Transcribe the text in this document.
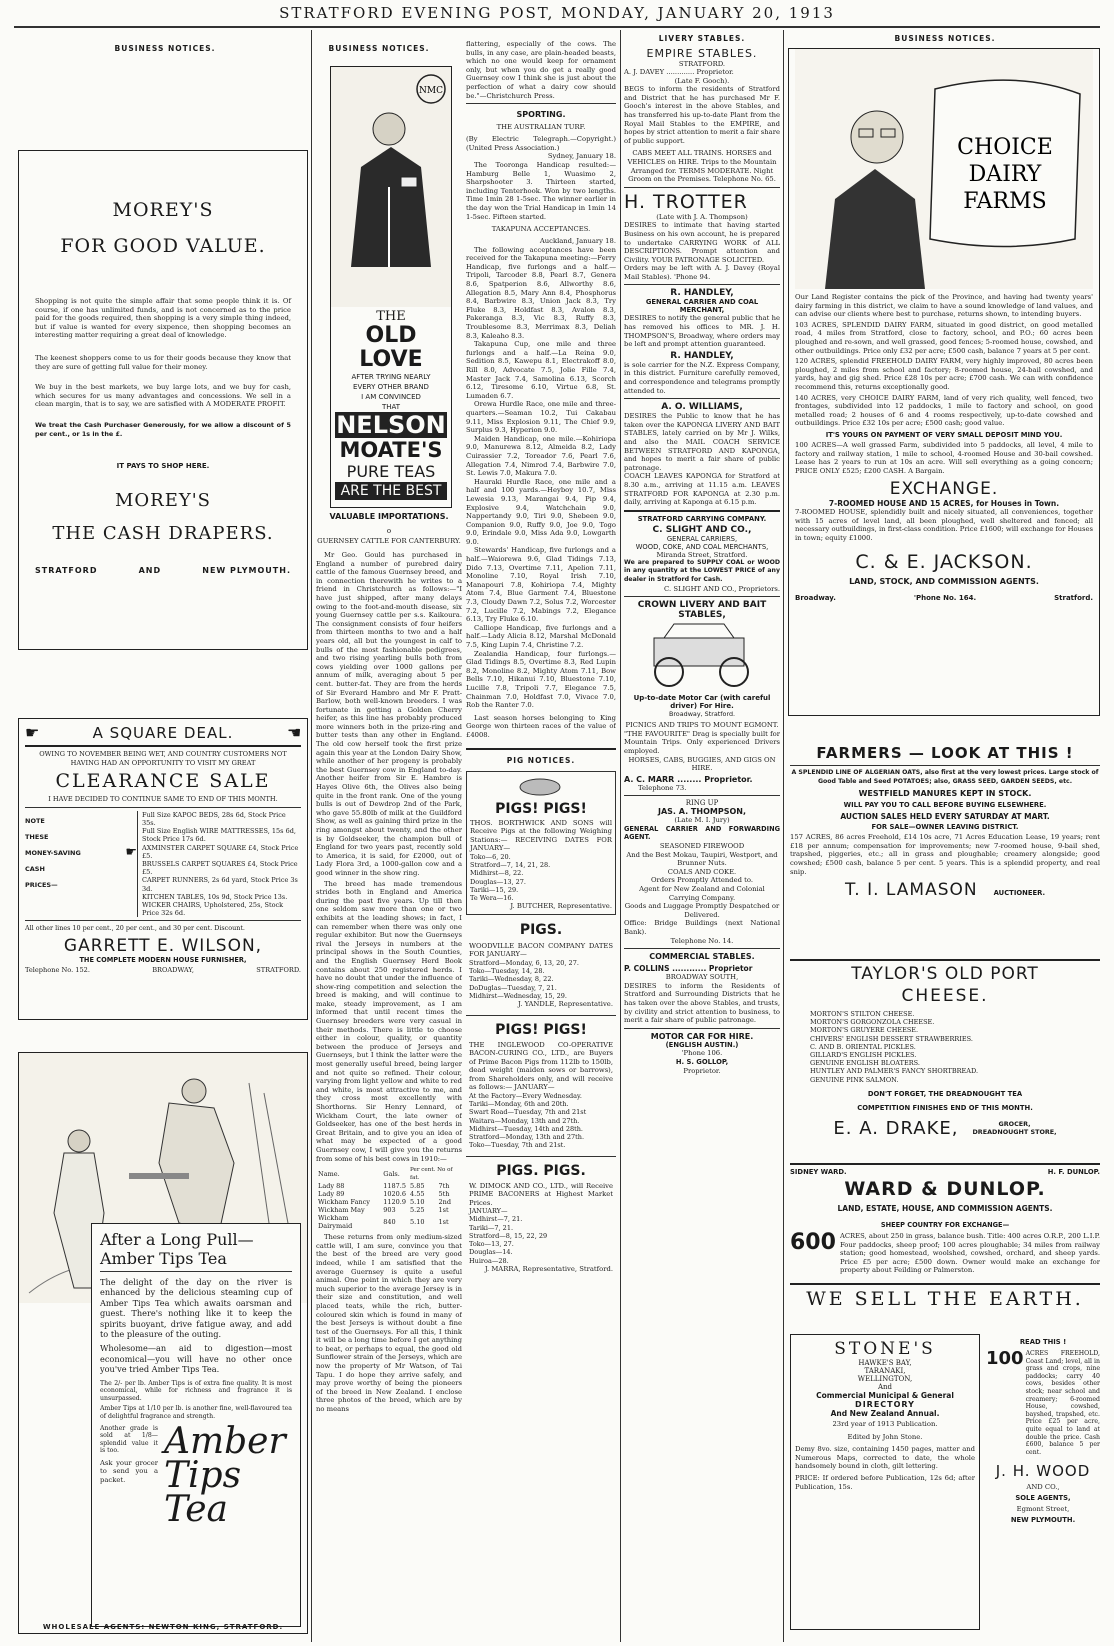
STRATFORD EVENING POST, MONDAY, JANUARY 20, 1913
BUSINESS NOTICES.
MOREY'S
FOR GOOD VALUE.
Shopping is not quite the simple affair that some people think it is. Of course, if one has unlimited funds, and is not concerned as to the price paid for the goods required, then shopping is a very simple thing indeed, but if value is wanted for every sixpence, then shopping becomes an interesting matter requiring a great deal of knowledge.
The keenest shoppers come to us for their goods because they know that they are sure of getting full value for their money.
We buy in the best markets, we buy large lots, and we buy for cash, which secures for us many advantages and concessions. We sell in a clean margin, that is to say, we are satisfied with A MODERATE PROFIT.
We treat the Cash Purchaser Generously, for we allow a discount of 5 per cent., or 1s in the £.
IT PAYS TO SHOP HERE.
MOREY'S
THE CASH DRAPERS.
STRATFORD	AND	NEW PLYMOUTH.
☛	A SQUARE DEAL.	☛
OWING TO NOVEMBER BEING WET, AND COUNTRY CUSTOMERS NOT HAVING HAD AN OPPORTUNITY TO VISIT MY GREAT
CLEARANCE SALE
I HAVE DECIDED TO CONTINUE SAME TO END OF THIS MONTH.
NOTE
THESE
MONEY-SAVING	☛
CASH
PRICES—
Full Size KAPOC BEDS, 28s 6d, Stock Price 35s.
Full Size English WIRE MATTRESSES, 15s 6d, Stock Price 17s 6d.
AXMINSTER CARPET SQUARE £4, Stock Price £5.
BRUSSELS CARPET SQUARES £4, Stock Price £5.
CARPET RUNNERS, 2s 6d yard, Stock Price 3s 3d.
KITCHEN TABLES, 10s 9d, Stock Price 13s.
WICKER CHAIRS, Upholstered, 25s, Stock Price 32s 6d.
All other lines 10 per cent., 20 per cent., and 30 per cent. Discount.
GARRETT E. WILSON,
THE COMPLETE MODERN HOUSE FURNISHER,
Telephone No. 152.	BROADWAY,	STRATFORD.
After a Long Pull—
Amber Tips Tea
The delight of the day on the river is enhanced by the delicious steaming cup of Amber Tips Tea which awaits oarsman and guest. There's nothing like it to keep the spirits buoyant, drive fatigue away, and add to the pleasure of the outing.
Wholesome—an aid to digestion—most economical—you will have no other once you've tried Amber Tips Tea.
The 2/- per lb. Amber Tips is of extra fine quality. It is most economical, while for richness and fragrance it is unsurpassed.
Amber Tips at 1/10 per lb. is another fine, well-flavoured tea of delightful fragrance and strength.
Another grade is sold at 1/8—splendid value it is too.
Ask your grocer to send you a packet.
Amber Tips Tea
WHOLESALE AGENTS: NEWTON KING, STRATFORD.
BUSINESS NOTICES.
NMC
THE
OLD LOVE
AFTER TRYING NEARLY
EVERY OTHER BRAND
I AM CONVINCED
THAT
NELSON
MOATE'S
PURE TEAS
ARE THE BEST
VALUABLE IMPORTATIONS.
o
GUERNSEY CATTLE FOR CANTERBURY.
Mr Geo. Gould has purchased in England a number of purebred dairy cattle of the famous Guernsey breed, and in connection therewith he writes to a friend in Christchurch as follows:—"I have just shipped, after many delays owing to the foot-and-mouth disease, six young Guernsey cattle per s.s. Kaikoura. The consignment consists of four heifers from thirteen months to two and a half years old, all but the youngest in calf to bulls of the most fashionable pedigrees, and two rising yearling bulls both from cows yielding over 1000 gallons per annum of milk, averaging about 5 per cent. butter-fat. They are from the herds of Sir Everard Hambro and Mr F. Pratt-Barlow, both well-known breeders. I was fortunate in getting a Golden Cherry heifer, as this line has probably produced more winners both in the prize-ring and butter tests than any other in England. The old cow herself took the first prize again this year at the London Dairy Show, while another of her progeny is probably the best Guernsey cow in England to-day. Another heifer from Sir E. Hambro is Hayes Olive 6th, the Olives also being quite in the front rank. One of the young bulls is out of Dewdrop 2nd of the Park, who gave 55.80lb of milk at the Guildford Show, as well as gaining third prize in the ring amongst about twenty, and the other is by Goldseeker, the champion bull of England for two years past, recently sold to America, it is said, for £2000, out of Lady Flora 3rd, a 1000-gallon cow and a good winner in the show ring.
The breed has made tremendous strides both in England and America during the past five years. Up till then one seldom saw more than one or two exhibits at the leading shows; in fact, I can remember when there was only one regular exhibitor. But now the Guernseys rival the Jerseys in numbers at the principal shows in the South Counties, and the English Guernsey Herd Book contains about 250 registered herds. I have no doubt that under the influence of show-ring competition and selection the breed is making, and will continue to make, steady improvement, as I am informed that until recent times the Guernsey breeders were very casual in their methods. There is little to choose either in colour, quality, or quantity between the produce of Jerseys and Guernseys, but I think the latter were the most generally useful breed, being larger and not quite so refined. Their colour, varying from light yellow and white to red and white, is most attractive to me, and they cross most excellently with Shorthorns. Sir Henry Lennard, of Wickham Court, the late owner of Goldseeker, has one of the best herds in Great Britain, and to give you an idea of what may be expected of a good Guernsey cow, I will give you the returns from some of his best cows in 1910:—
Name.	Gals.	Per cent. No of fat.	
Lady 88	1187.5	5.85	7th
Lady 89	1020.6	4.55	5th
Wickham Fancy	1120.9	5.10	2nd
Wickham May	903	5.25	1st
Wickham Dairymaid	840	5.10	1st
These returns from only medium-sized cattle will, I am sure, convince you that the best of the breed are very good indeed, while I am satisfied that the average Guernsey is quite a useful animal. One point in which they are very much superior to the average Jersey is in their size and constitution, and well placed teats, while the rich, butter-coloured skin which is found in many of the best Jerseys is without doubt a fine test of the Guernseys. For all this, I think it will be a long time before I get anything to beat, or perhaps to equal, the good old Sunflower strain of the Jerseys, which are now the property of Mr Watson, of Tai Tapu. I do hope they arrive safely, and may prove worthy of being the pioneers of the breed in New Zealand. I enclose three photos of the breed, which are by no means
flattering, especially of the cows. The bulls, in any case, are plain-headed beasts, which no one would keep for ornament only, but when you do get a really good Guernsey cow I think she is just about the perfection of what a dairy cow should be."—Christchurch Press.
SPORTING.
THE AUSTRALIAN TURF.
(By Electric Telegraph.—Copyright.) (United Press Association.)
Sydney, January 18.
The Tooronga Handicap resulted:—Hamburg Belle 1, Wuasimo 2, Sharpshooter 3. Thirteen started, including Tenterhook. Won by two lengths. Time 1min 28 1-5sec. The winner earlier in the day won the Trial Handicap in 1min 14 1-5sec. Fifteen started.
TAKAPUNA ACCEPTANCES.
Auckland, January 18.
The following acceptances have been received for the Takapuna meeting:—Ferry Handicap, five furlongs and a half.—Tripoli, Tarcoder 8.8, Pearl 8.7, Genera 8.6, Spatperion 8.6, Allworthy 8.6, Allegation 8.5, Mary Ann 8.4, Phosphorus 8.4, Barbwire 8.3, Union Jack 8.3, Try Fluke 8.3, Holdfast 8.3, Avalon 8.3, Pakeranga 8.3, Vic 8.3, Ruffy 8.3, Troublesome 8.3, Merrimax 8.3, Deliah 8.3, Kaleaho 8.3.
Takapuna Cup, one mile and three furlongs and a half.—La Reina 9.0, Sedition 8.5, Kawepu 8.1, Electrakoff 8.0, Rill 8.0, Advocate 7.5, Jolie Fille 7.4, Master Jack 7.4, Samolina 6.13, Scorch 6.12, Tiresome 6.10, Virtue 6.8, St. Lumaden 6.7.
Orewa Hurdle Race, one mile and three-quarters.—Seaman 10.2, Tui Cakabau 9.11, Miss Explosion 9.11, The Chief 9.9, Surplus 9.3, Hyperion 9.0.
Maiden Handicap, one mile.—Kohiriopa 9.0, Manurewa 8.12, Almeida 8.2, Lady Cuirassier 7.2, Toreador 7.6, Pearl 7.6, Allegation 7.4, Nimrod 7.4, Barbwire 7.0, St. Lewis 7.0, Makura 7.0.
Hauraki Hurdle Race, one mile and a half and 100 yards.—Heyboy 10.7, Miss Lewesia 9.13, Marangai 9.4, Pip 9.4, Explosive 9.4, Watchchain 9.0, Nappertandy 9.0, Tiri 9.0, Shebeen 9.0, Companion 9.0, Ruffy 9.0, Joe 9.0, Togo 9.0, Erindale 9.0, Miss Ada 9.0, Lowgarth 9.0.
Stewards' Handicap, five furlongs and a half.—Waiorewa 9.6, Glad Tidings 7.13, Dido 7.13, Overtime 7.11, Apelion 7.11, Monoline 7.10, Royal Irish 7.10, Manapouri 7.8, Kohiriopa 7.4, Mighty Atom 7.4, Blue Garment 7.4, Bluestone 7.3, Cloudy Dawn 7.2, Solus 7.2, Worcester 7.2, Lucille 7.2, Mabings 7.2, Elegance 6.13, Try Fluke 6.10.
Calliope Handicap, five furlongs and a half.—Lady Alicia 8.12, Marshal McDonald 7.5, King Lupin 7.4, Christine 7.2.
Zealandia Handicap, four furlongs.—Glad Tidings 8.5, Overtime 8.3, Red Lupin 8.2, Monoline 8.2, Mighty Atom 7.11, Bow Bells 7.10, Hikanui 7.10, Bluestone 7.10, Lucille 7.8, Tripoli 7.7, Elegance 7.5, Chainman 7.0, Holdfast 7.0, Vivace 7.0, Rob the Ranter 7.0.
Last season horses belonging to King George won thirteen races of the value of £4008.
PIG NOTICES.
PIGS! PIGS!
THOS. BORTHWICK AND SONS will Receive Pigs at the following Weighing Stations:— RECEIVING DATES FOR JANUARY—
Toko—6, 20.
Stratford—7, 14, 21, 28.
Midhirst—8, 22.
Douglas—13, 27.
Tariki—15, 29.
Te Wera—16.
J. BUTCHER, Representative.
PIGS.
WOODVILLE BACON COMPANY DATES FOR JANUARY—
Stratford—Monday, 6, 13, 20, 27.
Toko—Tuesday, 14, 28.
Tariki—Wednesday, 8, 22.
DoDuglas—Tuesday, 7, 21.
Midhirst—Wednesday, 15, 29.
J. YANDLE, Representative.
PIGS! PIGS!
THE INGLEWOOD CO-OPERATIVE BACON-CURING CO., LTD., are Buyers of Prime Bacon Pigs from 112lb to 150lb, dead weight (maiden sows or barrows), from Shareholders only, and will receive as follows:— JANUARY—
At the Factory—Every Wednesday.
Tariki—Monday, 6th and 20th.
Swart Road—Tuesday, 7th and 21st
Waitara—Monday, 13th and 27th.
Midhirst—Tuesday, 14th and 28th.
Stratford—Monday, 13th and 27th.
Toko—Tuesday, 7th and 21st.
PIGS. PIGS.
W. DIMOCK AND CO., LTD., will Receive PRIME BACONERS at Highest Market Prices.
JANUARY—
Midhirst—7, 21.
Tariki—7, 21.
Stratford—8, 15, 22, 29
Toko—13, 27.
Douglas—14.
Huiroa—28.
J. MARRA, Representative, Stratford.
LIVERY STABLES.
EMPIRE STABLES.
STRATFORD.
A. J. DAVEY ............. Proprietor.
(Late F. Gooch).
BEGS to inform the residents of Stratford and District that he has purchased Mr F. Gooch's interest in the above Stables, and has transferred his up-to-date Plant from the Royal Mail Stables to the EMPIRE, and hopes by strict attention to merit a fair share of public support.
CABS MEET ALL TRAINS. HORSES and VEHICLES on HIRE. Trips to the Mountain Arranged for. TERMS MODERATE. Night Groom on the Premises. Telephone No. 65.
H. TROTTER
(Late with J. A. Thompson)
DESIRES to intimate that having started Business on his own account, he is prepared to undertake CARRYING WORK of ALL DESCRIPTIONS. Prompt attention and Civility. YOUR PATRONAGE SOLICITED.
Orders may be left with A. J. Davey (Royal Mail Stables). 'Phone 94.
R. HANDLEY,
GENERAL CARRIER AND COAL MERCHANT,
DESIRES to notify the general public that he has removed his offices to MR. J. H. THOMPSON'S, Broadway, where orders may be left and prompt attention guaranteed.
R. HANDLEY,
is sole carrier for the N.Z. Express Company, in this district. Furniture carefully removed, and correspondence and telegrams promptly attended to.
A. O. WILLIAMS,
DESIRES the Public to know that he has taken over the KAPONGA LIVERY AND BAIT STABLES, lately carried on by Mr J. Wilks, and also the MAIL COACH SERVICE BETWEEN STRATFORD AND KAPONGA, and hopes to merit a fair share of public patronage.
COACH LEAVES KAPONGA for Stratford at 8.30 a.m., arriving at 11.15 a.m. LEAVES STRATFORD FOR KAPONGA at 2.30 p.m. daily, arriving at Kaponga at 6.15 p.m.
STRATFORD CARRYING COMPANY.
C. SLIGHT AND CO.,
GENERAL CARRIERS,
WOOD, COKE, AND COAL MERCHANTS,
Miranda Street, Stratford.
We are prepared to SUPPLY COAL or WOOD in any quantity at the LOWEST PRICE of any dealer in Stratford for Cash.
C. SLIGHT AND CO., Proprietors.
CROWN LIVERY AND BAIT STABLES,
Up-to-date Motor Car (with careful driver) For Hire.
Broadway, Stratford.
PICNICS AND TRIPS TO MOUNT EGMONT.
"THE FAVOURITE" Drag is specially built for Mountain Trips. Only experienced Drivers employed.
HORSES, CABS, BUGGIES, AND GIGS ON HIRE.
A. C. MARR ........ Proprietor.
Telephone 73.
RING UP
JAS. A. THOMPSON,
(Late M. I. Jury)
GENERAL CARRIER AND FORWARDING AGENT.
SEASONED FIREWOOD
And the Best Mokau, Taupiri, Westport, and Brunner Nuts.
COALS AND COKE.
Orders Promptly Attended to.
Agent for New Zealand and Colonial Carrying Company.
Goods and Luggage Promptly Despatched or Delivered.
Office: Bridge Buildings (next National Bank).
Telephone No. 14.
COMMERCIAL STABLES.
P. COLLINS ............ Proprietor
BROADWAY SOUTH,
DESIRES to inform the Residents of Stratford and Surrounding Districts that he has taken over the above Stables, and trusts, by civility and strict attention to business, to merit a fair share of public patronage.
MOTOR CAR FOR HIRE.
(ENGLISH AUSTIN.)
'Phone 106.
H. S. GOLLOP,
Proprietor.
BUSINESS NOTICES.
CHOICE
DAIRY
FARMS
Our Land Register contains the pick of the Province, and having had twenty years' dairy farming in this district, we claim to have a sound knowledge of land values, and can advise our clients where best to purchase, returns shown, to intending buyers.
103 ACRES, SPLENDID DAIRY FARM, situated in good district, on good metalled road, 4 miles from Stratford, close to factory, school, and P.O.; 60 acres been ploughed and re-sown, and well grassed, good fences; 5-roomed house, cowshed, and other outbuildings. Price only £32 per acre; £500 cash, balance 7 years at 5 per cent.
120 ACRES, splendid FREEHOLD DAIRY FARM, very highly improved, 80 acres been ploughed, 2 miles from school and factory; 8-roomed house, 24-bail cowshed, and yards, hay and gig shed. Price £28 10s per acre; £700 cash. We can with confidence recommend this, returns exceptionally good.
140 ACRES, very CHOICE DAIRY FARM, land of very rich quality, well fenced, two frontages, subdivided into 12 paddocks, 1 mile to factory and school, on good metalled road; 2 houses of 6 and 4 rooms respectively, up-to-date cowshed and outbuildings. Price £32 10s per acre; £500 cash; good value.
IT'S YOURS ON PAYMENT OF VERY SMALL DEPOSIT MIND YOU.
100 ACRES—A well grassed Farm, subdivided into 5 paddocks, all level, 4 mile to factory and railway station, 1 mile to school, 4-roomed House and 30-bail cowshed. Lease has 2 years to run at 10s an acre. Will sell everything as a going concern; PRICE ONLY £525; £200 CASH. A Bargain.
EXCHANGE.
7-ROOMED HOUSE AND 15 ACRES, for Houses in Town.
7-ROOMED HOUSE, splendidly built and nicely situated, all conveniences, together with 15 acres of level land, all been ploughed, well sheltered and fenced; all necessary outbuildings, in first-class condition. Price £1600; will exchange for Houses in town; equity £1000.
C. & E. JACKSON.
LAND, STOCK, AND COMMISSION AGENTS.
Broadway.	'Phone No. 164.	Stratford.
FARMERS — LOOK AT THIS !
A SPLENDID LINE OF ALGERIAN OATS, also first at the very lowest prices. Large stock of Good Table and Seed POTATOES; also, GRASS SEED, GARDEN SEEDS, etc.
WESTFIELD MANURES KEPT IN STOCK.
WILL PAY YOU TO CALL BEFORE BUYING ELSEWHERE.
AUCTION SALES HELD EVERY SATURDAY AT MART.
FOR SALE—OWNER LEAVING DISTRICT.
157 ACRES, 86 acres Freehold, £14 10s acre, 71 Acres Education Lease, 19 years; rent £18 per annum; compensation for improvements; new 7-roomed house, 9-bail shed, trapshed, piggeries, etc.; all in grass and ploughable; creamery alongside; good cowshed; £500 cash, balance 5 per cent. 5 years. This is a splendid property, and real snip.
T. I. LAMASON AUCTIONEER.
TAYLOR'S OLD PORT
CHEESE.
MORTON'S STILTON CHEESE.
MORTON'S GORGONZOLA CHEESE.
MORTON'S GRUYERE CHEESE.
CHIVERS' ENGLISH DESSERT STRAWBERRIES.
C. AND B. ORIENTAL PICKLES.
GILLARD'S ENGLISH PICKLES.
GENUINE ENGLISH BLOATERS.
HUNTLEY AND PALMER'S FANCY SHORTBREAD.
GENUINE PINK SALMON.
DON'T FORGET, THE DREADNOUGHT TEA
COMPETITION FINISHES END OF THIS MONTH.
E. A. DRAKE,	GROCER,
DREADNOUGHT STORE,
SIDNEY WARD.	H. F. DUNLOP.
WARD & DUNLOP.
LAND, ESTATE, HOUSE, AND COMMISSION AGENTS.
SHEEP COUNTRY FOR EXCHANGE—
600 ACRES, about 250 in grass, balance bush. Title: 400 acres O.R.P., 200 L.I.P. Four paddocks, sheep proof; 100 acres ploughable; 34 miles from railway station; good homestead, woolshed, cowshed, orchard, and sheep yards. Price £5 per acre; £500 down. Owner would make an exchange for property about Feilding or Palmerston.
WE SELL THE EARTH.
STONE'S
HAWKE'S BAY,
TARANAKI,
WELLINGTON,
And
Commercial Municipal & General
DIRECTORY
And New Zealand Annual.
23rd year of 1913 Publication.
Edited by John Stone.
Demy 8vo. size, containing 1450 pages, matter and Numerous Maps, corrected to date, the whole handsomely bound in cloth, gilt lettering.
PRICE: If ordered before Publication, 12s 6d; after Publication, 15s.
READ THIS !
100 ACRES FREEHOLD, Coast Land; level, all in grass and crops, nine paddocks; carry 40 cows, besides other stock; near school and creamery; 6-roomed House, cowshed, bayshed, trapshed, etc. Price £25 per acre, quite equal to land at double the price. Cash £600, balance 5 per cent.
J. H. WOOD
AND CO.,
SOLE AGENTS,
Egmont Street,
NEW PLYMOUTH.
